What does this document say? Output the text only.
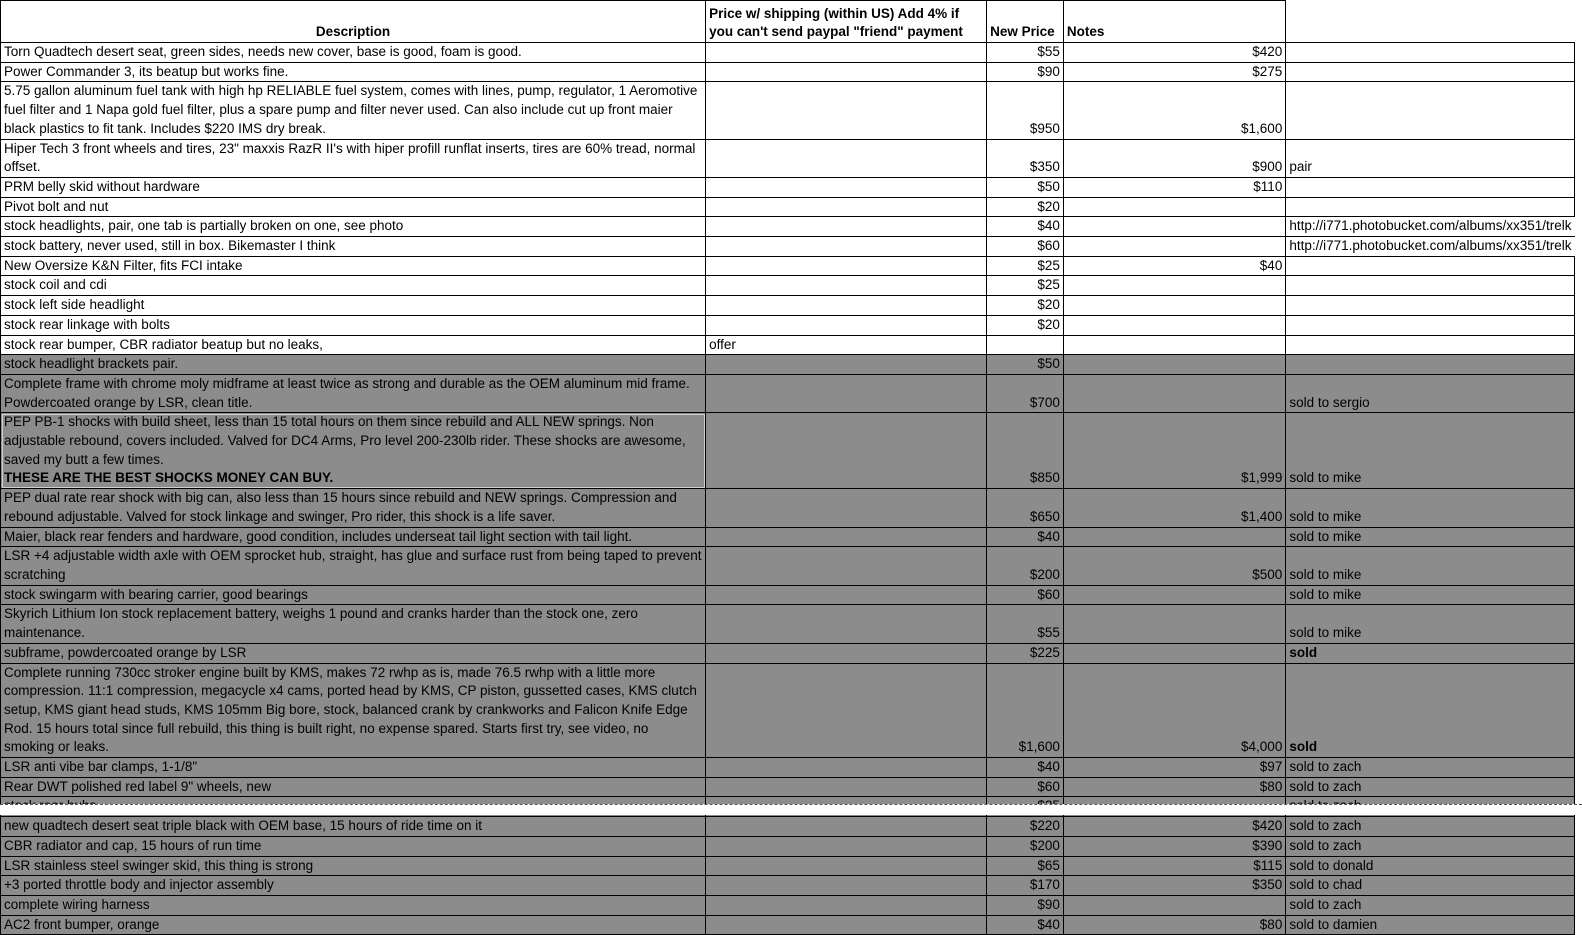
Description	Price w/ shipping (within US) Add 4% if you can't send paypal "friend" payment	New Price	Notes		
Torn Quadtech desert seat, green sides, needs new cover, base is good, foam is good.		$55	$420		
Power Commander 3, its beatup but works fine.		$90	$275		
5.75 gallon aluminum fuel tank with high hp RELIABLE fuel system, comes with lines, pump, regulator, 1 Aeromotive fuel filter and 1 Napa gold fuel filter, plus a spare pump and filter never used. Can also include cut up front maier black plastics to fit tank. Includes $220 IMS dry break.		$950	$1,600		
Hiper Tech 3 front wheels and tires, 23" maxxis RazR II's with hiper profill runflat inserts, tires are 60% tread, normal offset.		$350	$900	pair	
PRM belly skid without hardware		$50	$110		
Pivot bolt and nut		$20			
stock headlights, pair, one tab is partially broken on one, see photo		$40		http://i771.photobucket.com/albums/xx351/trelk	
stock battery, never used, still in box. Bikemaster I think		$60		http://i771.photobucket.com/albums/xx351/trelk	
New Oversize K&N Filter, fits FCI intake		$25	$40		
stock coil and cdi		$25			
stock left side headlight		$20			
stock rear linkage with bolts		$20			
stock rear bumper, CBR radiator beatup but no leaks,	offer				
stock headlight brackets pair.		$50			
Complete frame with chrome moly midframe at least twice as strong and durable as the OEM aluminum mid frame. Powdercoated orange by LSR, clean title.		$700		sold to sergio	
PEP PB-1 shocks with build sheet, less than 15 total hours on them since rebuild and ALL NEW springs. Non adjustable rebound, covers included. Valved for DC4 Arms, Pro level 200-230lb rider. These shocks are awesome, saved my butt a few times.
THESE ARE THE BEST SHOCKS MONEY CAN BUY.		$850	$1,999	sold to mike	
PEP dual rate rear shock with big can, also less than 15 hours since rebuild and NEW springs. Compression and rebound adjustable. Valved for stock linkage and swinger, Pro rider, this shock is a life saver.		$650	$1,400	sold to mike	
Maier, black rear fenders and hardware, good condition, includes underseat tail light section with tail light.		$40		sold to mike	
LSR +4 adjustable width axle with OEM sprocket hub, straight, has glue and surface rust from being taped to prevent scratching		$200	$500	sold to mike	
stock swingarm with bearing carrier, good bearings		$60		sold to mike	
Skyrich Lithium Ion stock replacement battery, weighs 1 pound and cranks harder than the stock one, zero maintenance.		$55		sold to mike	
subframe, powdercoated orange by LSR		$225		sold	
Complete running 730cc stroker engine built by KMS, makes 72 rwhp as is, made 76.5 rwhp with a little more compression. 11:1 compression, megacycle x4 cams, ported head by KMS, CP piston, gussetted cases, KMS clutch setup, KMS giant head studs, KMS 105mm Big bore, stock, balanced crank by crankworks and Falicon Knife Edge Rod. 15 hours total since full rebuild, this thing is built right, no expense spared. Starts first try, see video, no smoking or leaks.		$1,600	$4,000	sold	
LSR anti vibe bar clamps, 1-1/8"		$40	$97	sold to zach	
Rear DWT polished red label 9" wheels, new		$60	$80	sold to zach	

new quadtech desert seat triple black with OEM base, 15 hours of ride time on it		$220	$420	sold to zach	
CBR radiator and cap, 15 hours of run time		$200	$390	sold to zach	
LSR stainless steel swinger skid, this thing is strong		$65	$115	sold to donald	
+3 ported throttle body and injector assembly		$170	$350	sold to chad	
complete wiring harness		$90		sold to zach	
AC2 front bumper, orange		$40	$80	sold to damien	
